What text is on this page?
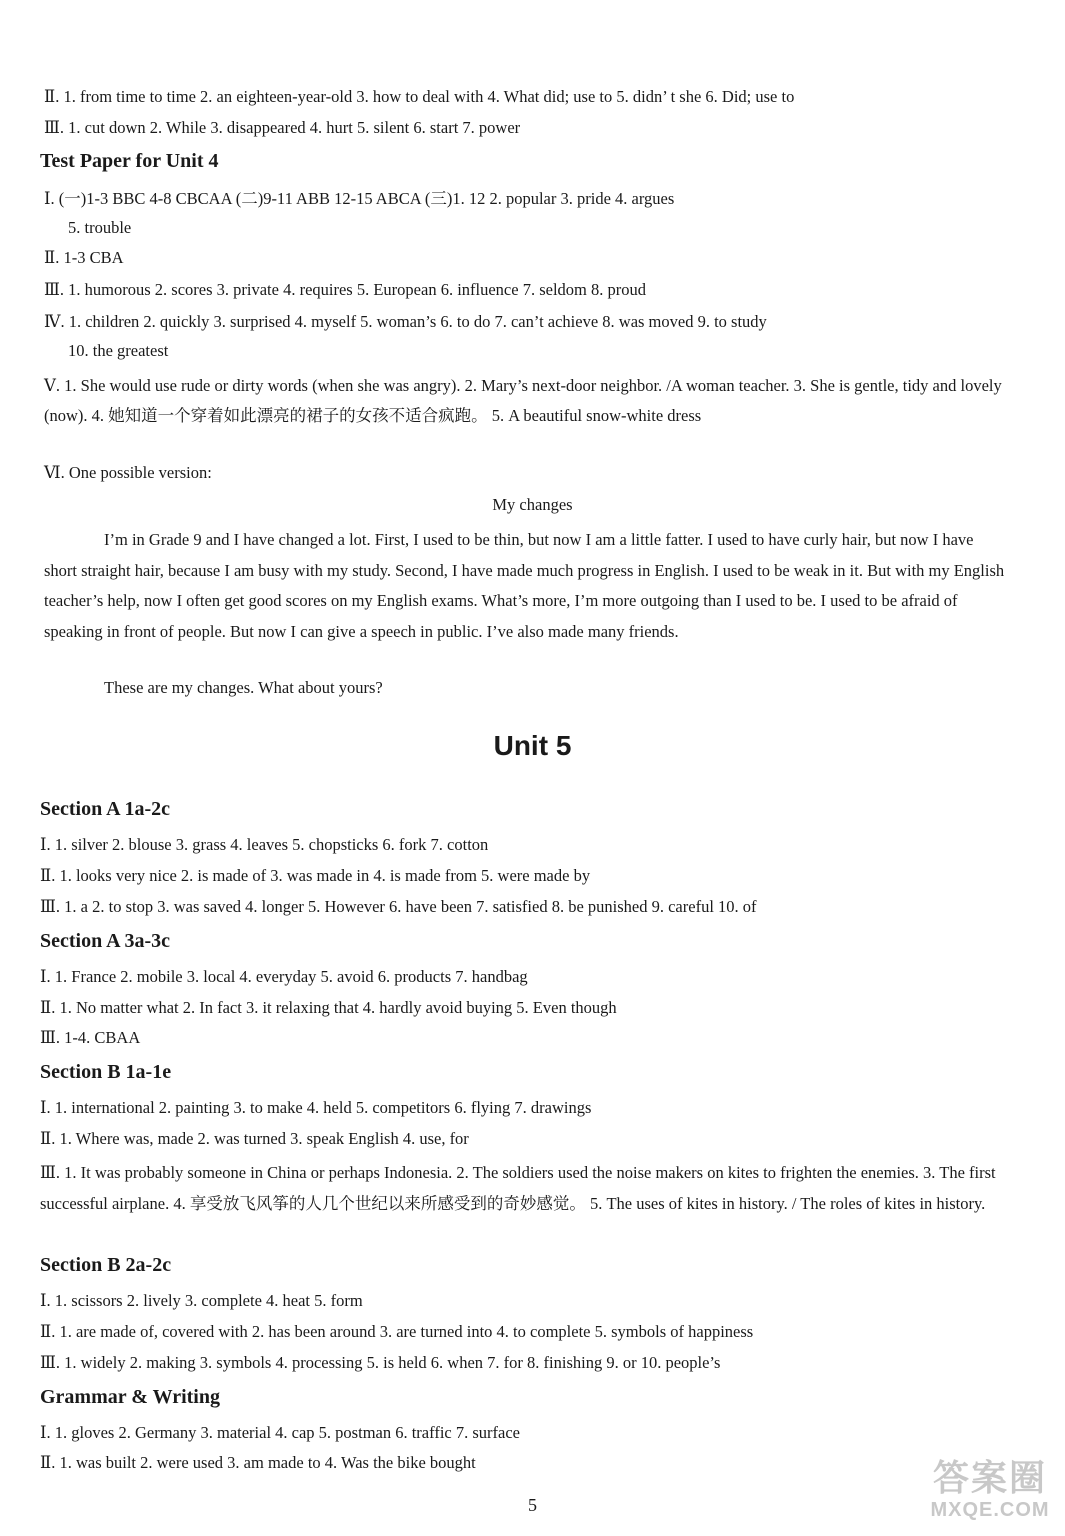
Ⅱ. 1. from time to time 2. an eighteen-year-old 3. how to deal with 4. What did; use to 5. didn’ t she 6. Did; use to
Ⅲ. 1. cut down 2. While 3. disappeared 4. hurt 5. silent 6. start 7. power
Test Paper for Unit 4
Ⅰ. (一)1-3 BBC 4-8 CBCAA (二)9-11 ABB 12-15 ABCA (三)1. 12 2. popular 3. pride 4. argues
5. trouble
Ⅱ. 1-3 CBA
Ⅲ. 1. humorous 2. scores 3. private 4. requires 5. European 6. influence 7. seldom 8. proud
Ⅳ. 1. children 2. quickly 3. surprised 4. myself 5. woman’s 6. to do 7. can’t achieve 8. was moved 9. to study
10. the greatest
Ⅴ. 1. She would use rude or dirty words (when she was angry). 2. Mary’s next-door neighbor. /A woman teacher. 3. She is gentle, tidy and lovely (now). 4. 她知道一个穿着如此漂亮的裙子的女孩不适合疯跑。 5. A beautiful snow-white dress
Ⅵ. One possible version:
My changes
I’m in Grade 9 and I have changed a lot. First, I used to be thin, but now I am a little fatter. I used to have curly hair, but now I have short straight hair, because I am busy with my study. Second, I have made much progress in English. I used to be weak in it. But with my English teacher’s help, now I often get good scores on my English exams. What’s more, I’m more outgoing than I used to be. I used to be afraid of speaking in front of people. But now I can give a speech in public. I’ve also made many friends.
These are my changes. What about yours?
Unit 5
Section A 1a-2c
Ⅰ. 1. silver 2. blouse 3. grass 4. leaves 5. chopsticks 6. fork 7. cotton
Ⅱ. 1. looks very nice 2. is made of 3. was made in 4. is made from 5. were made by
Ⅲ. 1. a 2. to stop 3. was saved 4. longer 5. However 6. have been 7. satisfied 8. be punished 9. careful 10. of
Section A 3a-3c
Ⅰ. 1. France 2. mobile 3. local 4. everyday 5. avoid 6. products 7. handbag
Ⅱ. 1. No matter what 2. In fact 3. it relaxing that 4. hardly avoid buying 5. Even though
Ⅲ. 1-4. CBAA
Section B 1a-1e
Ⅰ. 1. international 2. painting 3. to make 4. held 5. competitors 6. flying 7. drawings
Ⅱ. 1. Where was, made 2. was turned 3. speak English 4. use, for
Ⅲ. 1. It was probably someone in China or perhaps Indonesia. 2. The soldiers used the noise makers on kites to frighten the enemies. 3. The first successful airplane. 4. 享受放飞风筝的人几个世纪以来所感受到的奇妙感觉。 5. The uses of kites in history. / The roles of kites in history.
Section B 2a-2c
Ⅰ. 1. scissors 2. lively 3. complete 4. heat 5. form
Ⅱ. 1. are made of, covered with 2. has been around 3. are turned into 4. to complete 5. symbols of happiness
Ⅲ. 1. widely 2. making 3. symbols 4. processing 5. is held 6. when 7. for 8. finishing 9. or 10. people’s
Grammar & Writing
Ⅰ. 1. gloves 2. Germany 3. material 4. cap 5. postman 6. traffic 7. surface
Ⅱ. 1. was built 2. were used 3. am made to 4. Was the bike bought
5
答案圈
MXQE.COM
